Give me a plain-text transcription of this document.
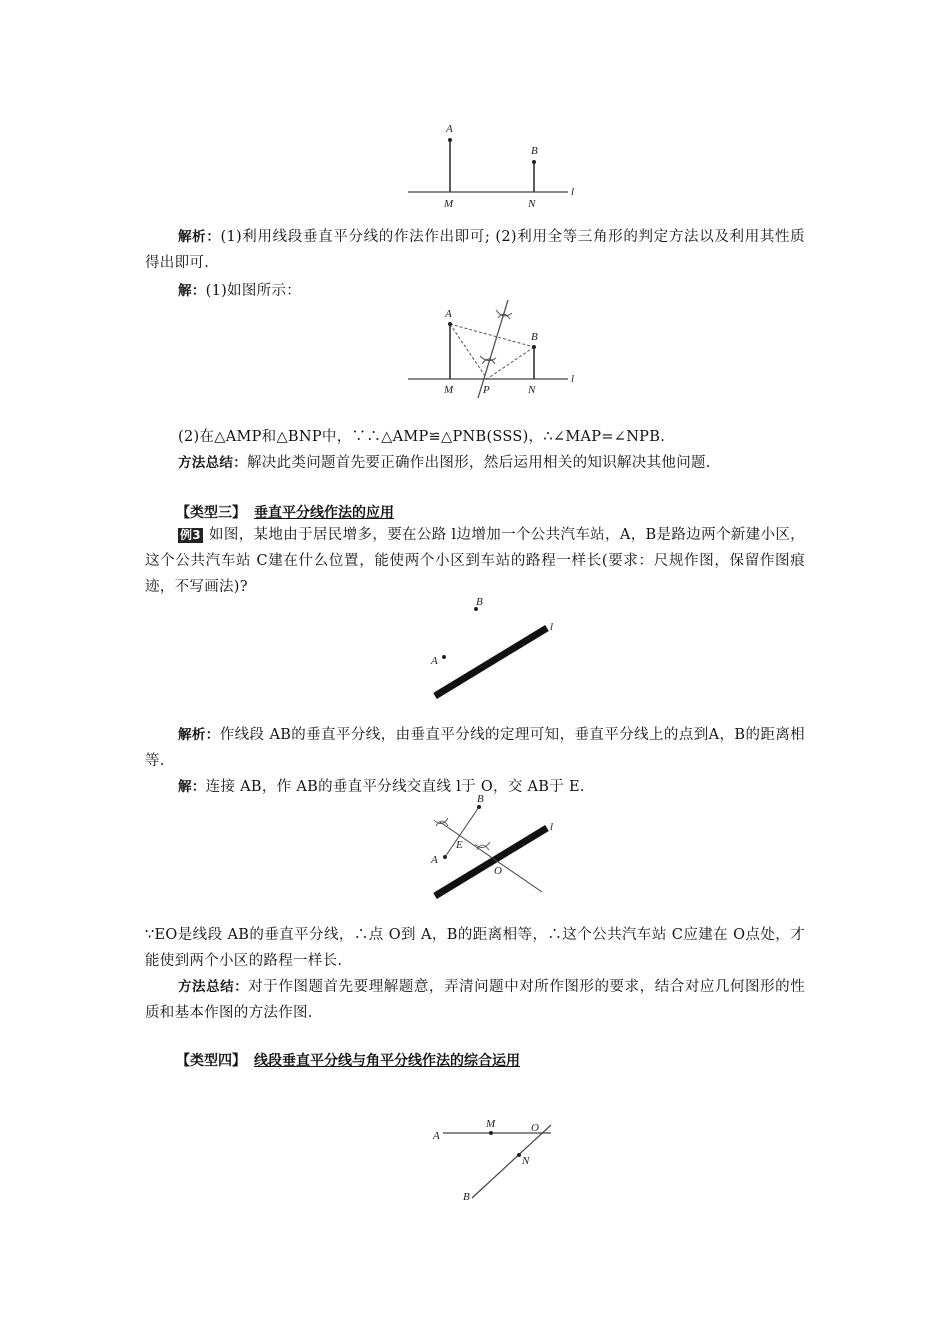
A
B
M	N
l
解析：(1)利用线段垂直平分线的作法作出即可; (2)利用全等三角形的判定方法以及利用其性质得出即可.
解：(1)如图所示：
A
B
M	P	N
l
(2)在△AMP和△BNP中，∵∴△AMP≌△PNB(SSS)，∴∠MAP=∠NPB.
方法总结：解决此类问题首先要正确作出图形，然后运用相关的知识解决其他问题.
【类型三】 垂直平分线作法的应用
例3 如图，某地由于居民增多，要在公路 l边增加一个公共汽车站，A，B是路边两个新建小区，这个公共汽车站 C建在什么位置，能使两个小区到车站的路程一样长(要求：尺规作图，保留作图痕迹，不写画法)?
B
A
l
解析：作线段 AB的垂直平分线，由垂直平分线的定理可知，垂直平分线上的点到A，B的距离相等.
解：连接 AB，作 AB的垂直平分线交直线 l于 O，交 AB于 E.
B
A
E
O
l
∵EO是线段 AB的垂直平分线，∴点 O到 A，B的距离相等，∴这个公共汽车站 C应建在 O点处，才能使到两个小区的路程一样长.
方法总结：对于作图题首先要理解题意，弄清问题中对所作图形的要求，结合对应几何图形的性质和基本作图的方法作图.
【类型四】 线段垂直平分线与角平分线作法的综合运用
A
M	O
N
B
